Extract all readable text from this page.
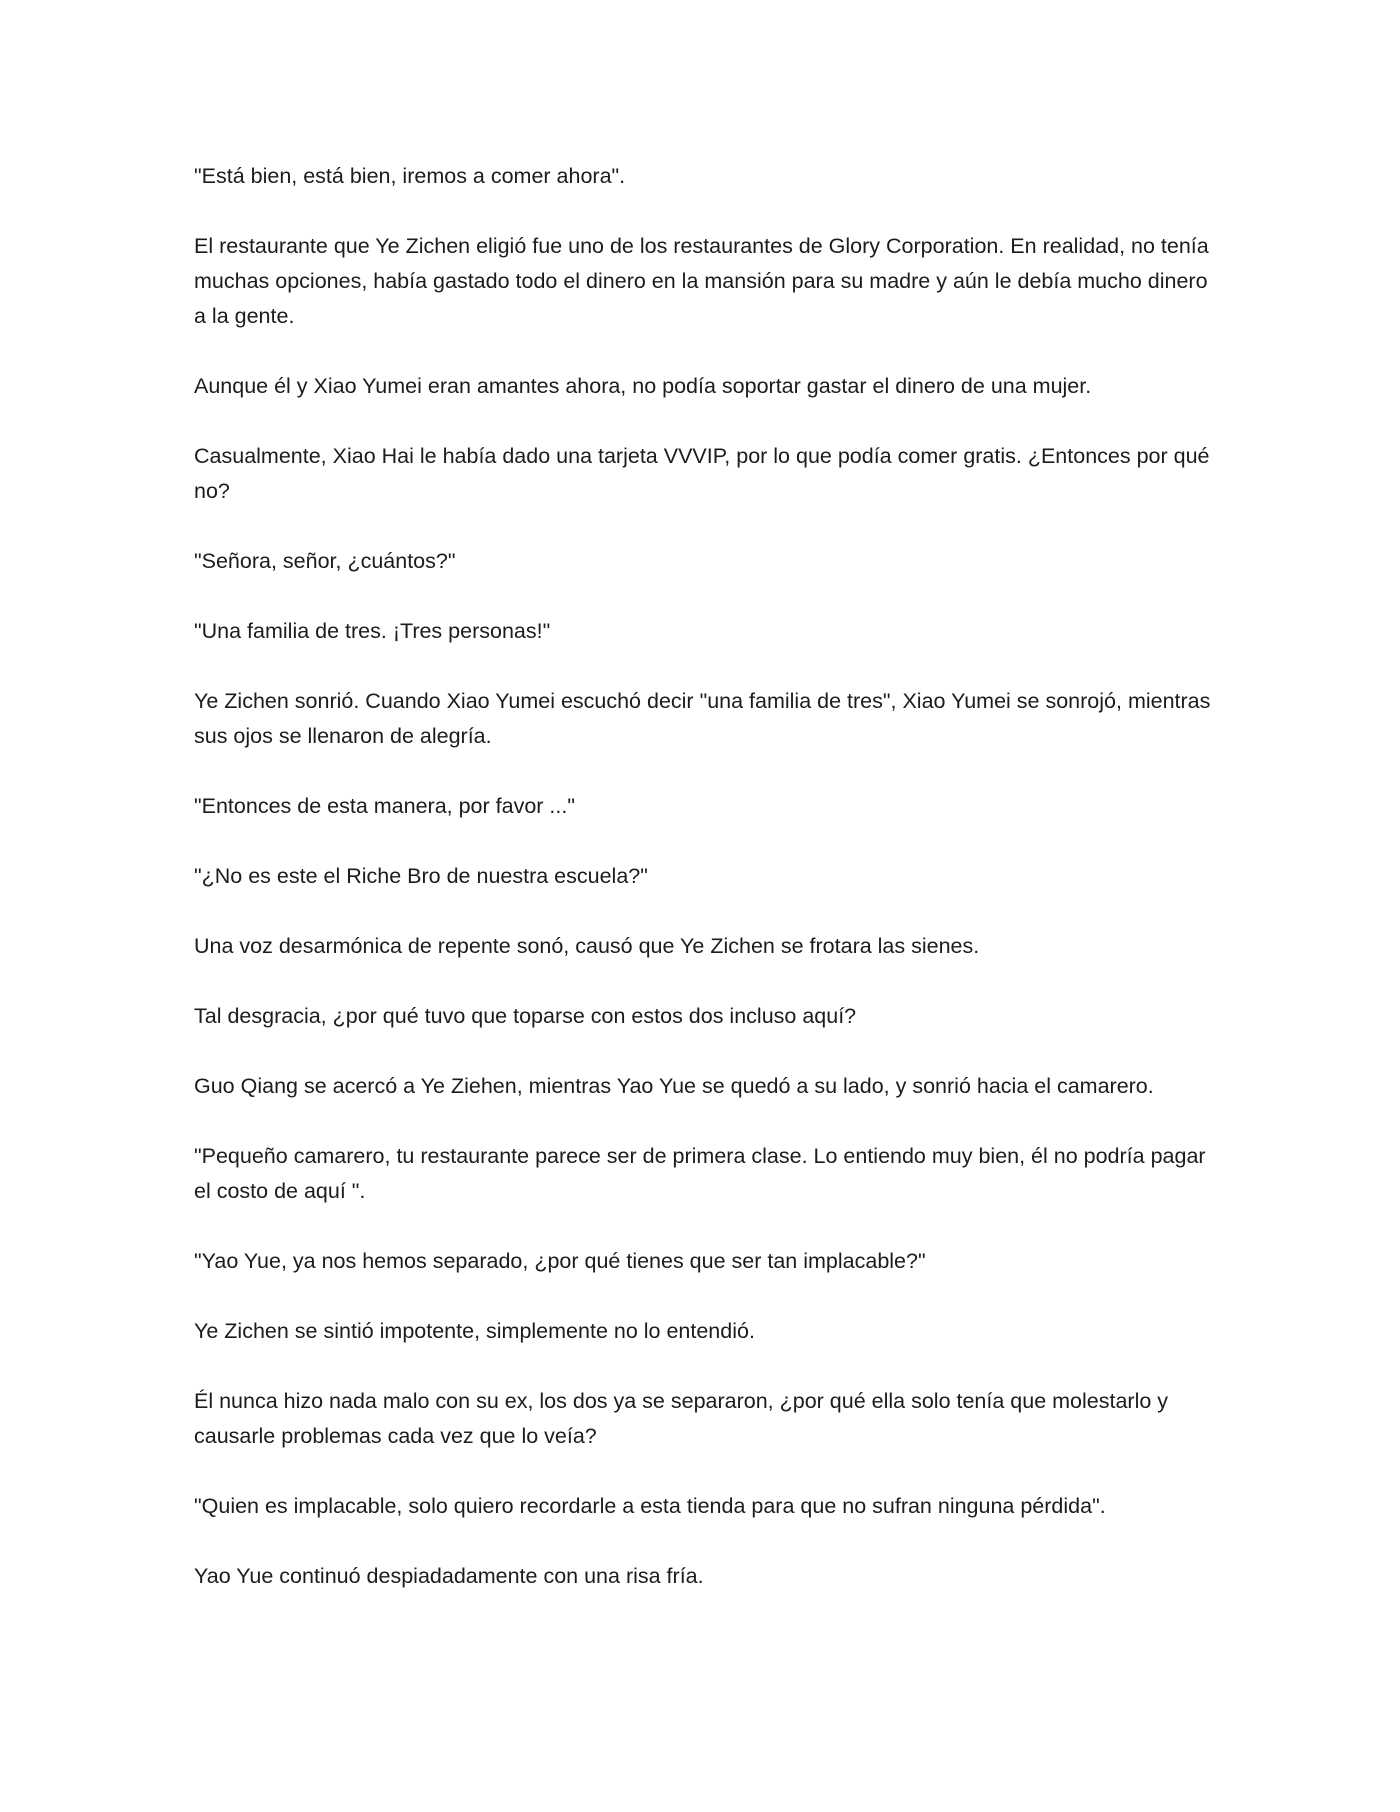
"Está bien, está bien, iremos a comer ahora".

El restaurante que Ye Zichen eligió fue uno de los restaurantes de Glory Corporation. En realidad, no tenía muchas opciones, había gastado todo el dinero en la mansión para su madre y aún le debía mucho dinero a la gente.

Aunque él y Xiao Yumei eran amantes ahora, no podía soportar gastar el dinero de una mujer.

Casualmente, Xiao Hai le había dado una tarjeta VVVIP, por lo que podía comer gratis. ¿Entonces por qué no?

"Señora, señor, ¿cuántos?"

"Una familia de tres. ¡Tres personas!"

Ye Zichen sonrió. Cuando Xiao Yumei escuchó decir "una familia de tres", Xiao Yumei se sonrojó, mientras sus ojos se llenaron de alegría.

"Entonces de esta manera, por favor ..."

"¿No es este el Riche Bro de nuestra escuela?"

Una voz desarmónica de repente sonó, causó que Ye Zichen se frotara las sienes.

Tal desgracia, ¿por qué tuvo que toparse con estos dos incluso aquí?

Guo Qiang se acercó a Ye Ziehen, mientras Yao Yue se quedó a su lado, y sonrió hacia el camarero.

"Pequeño camarero, tu restaurante parece ser de primera clase. Lo entiendo muy bien, él no podría pagar el costo de aquí ".

"Yao Yue, ya nos hemos separado, ¿por qué tienes que ser tan implacable?"

Ye Zichen se sintió impotente, simplemente no lo entendió.

Él nunca hizo nada malo con su ex, los dos ya se separaron, ¿por qué ella solo tenía que molestarlo y causarle problemas cada vez que lo veía?

"Quien es implacable, solo quiero recordarle a esta tienda para que no sufran ninguna pérdida".

Yao Yue continuó despiadadamente con una risa fría.
